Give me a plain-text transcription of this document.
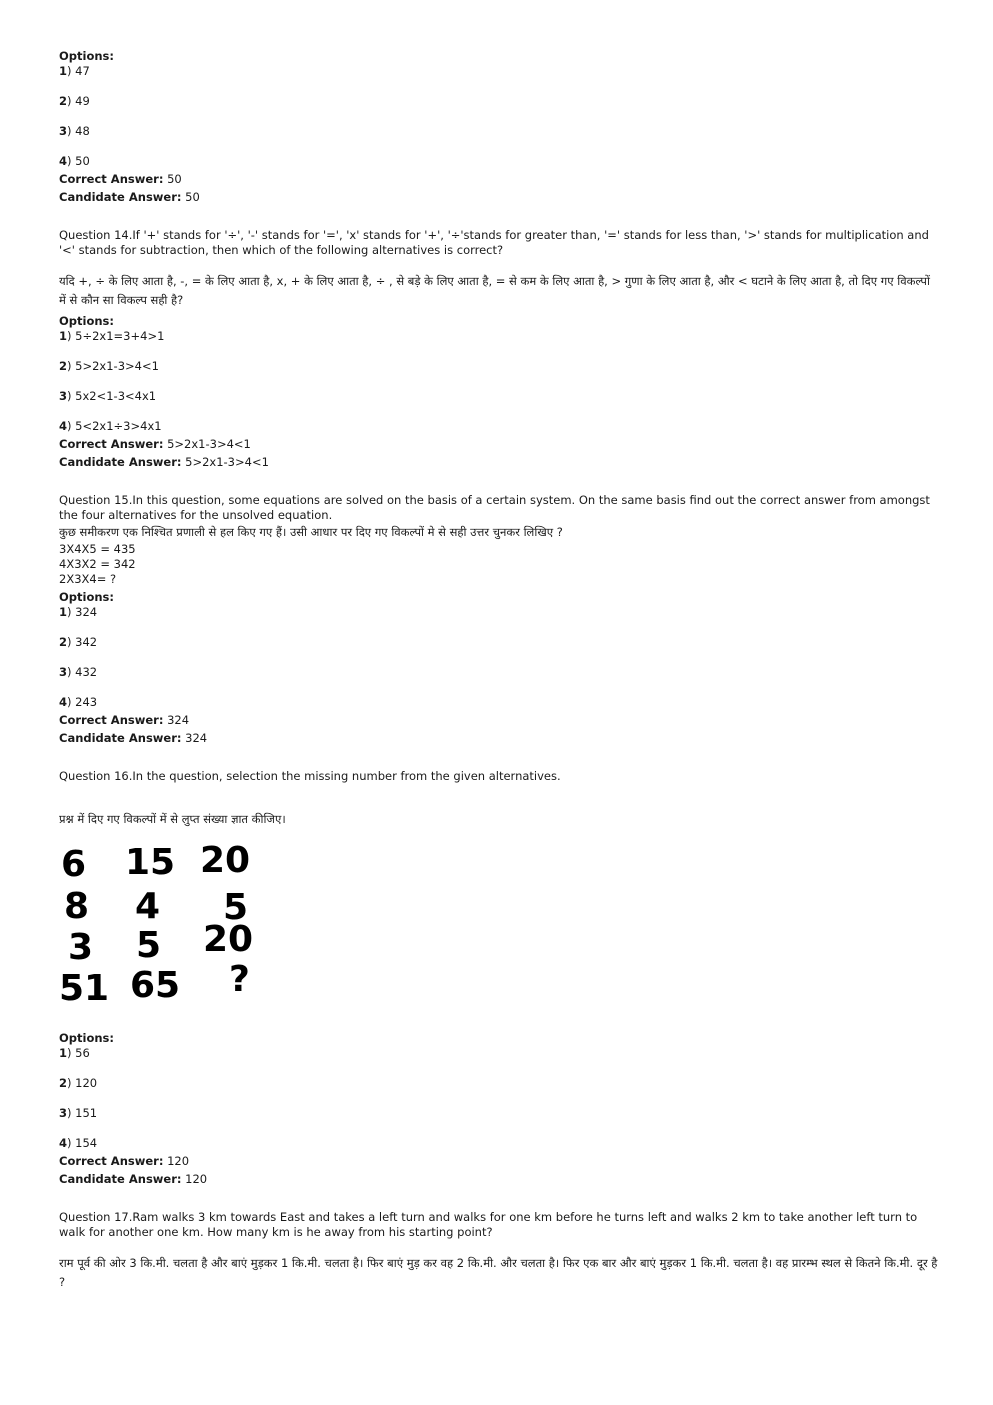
Options:

1) 47

2) 49

3) 48

4) 50

Correct Answer: 50

Candidate Answer: 50

Question 14.If '+' stands for '÷', '-' stands for '=', 'x' stands for '+', '÷'stands for greater than, '=' stands for less than, '>' stands for multiplication and '<' stands for subtraction, then which of the following alternatives is correct?

यदि +, ÷ के लिए आता है, -, = के लिए आता है, x, + के लिए आता है, ÷ , से बड़े के लिए आता है, = से कम के लिए आता है, > गुणा के लिए आता है, और < घटाने के लिए आता है, तो दिए गए विकल्पों में से कौन सा विकल्प सही है?

Options:

1) 5÷2x1=3+4>1

2) 5>2x1-3>4<1

3) 5x2<1-3<4x1

4) 5<2x1÷3>4x1

Correct Answer: 5>2x1-3>4<1

Candidate Answer: 5>2x1-3>4<1

Question 15.In this question, some equations are solved on the basis of a certain system. On the same basis find out the correct answer from amongst the four alternatives for the unsolved equation.

कुछ समीकरण एक निश्चित प्रणाली से हल किए गए हैं। उसी आधार पर दिए गए विकल्पों मे से सही उत्तर चुनकर लिखिए ?

3X4X5 = 435

4X3X2 = 342

2X3X4= ?

Options:

1) 324

2) 342

3) 432

4) 243

Correct Answer: 324

Candidate Answer: 324

Question 16.In the question, selection the missing number from the given alternatives.

प्रश्न में दिए गए विकल्पों में से लुप्त संख्या ज्ञात कीजिए।

6 15 20
8 4 5
3 5 20
51 65 ?

Options:

1) 56

2) 120

3) 151

4) 154

Correct Answer: 120

Candidate Answer: 120

Question 17.Ram walks 3 km towards East and takes a left turn and walks for one km before he turns left and walks 2 km to take another left turn to walk for another one km. How many km is he away from his starting point?

राम पूर्व की ओर 3 कि.मी. चलता है और बाएं मुड़कर 1 कि.मी. चलता है। फिर बाएं मुड़ कर वह 2 कि.मी. और चलता है। फिर एक बार और बाएं मुड़कर 1 कि.मी. चलता है। वह प्रारम्भ स्थल से कितने कि.मी. दूर है ?
